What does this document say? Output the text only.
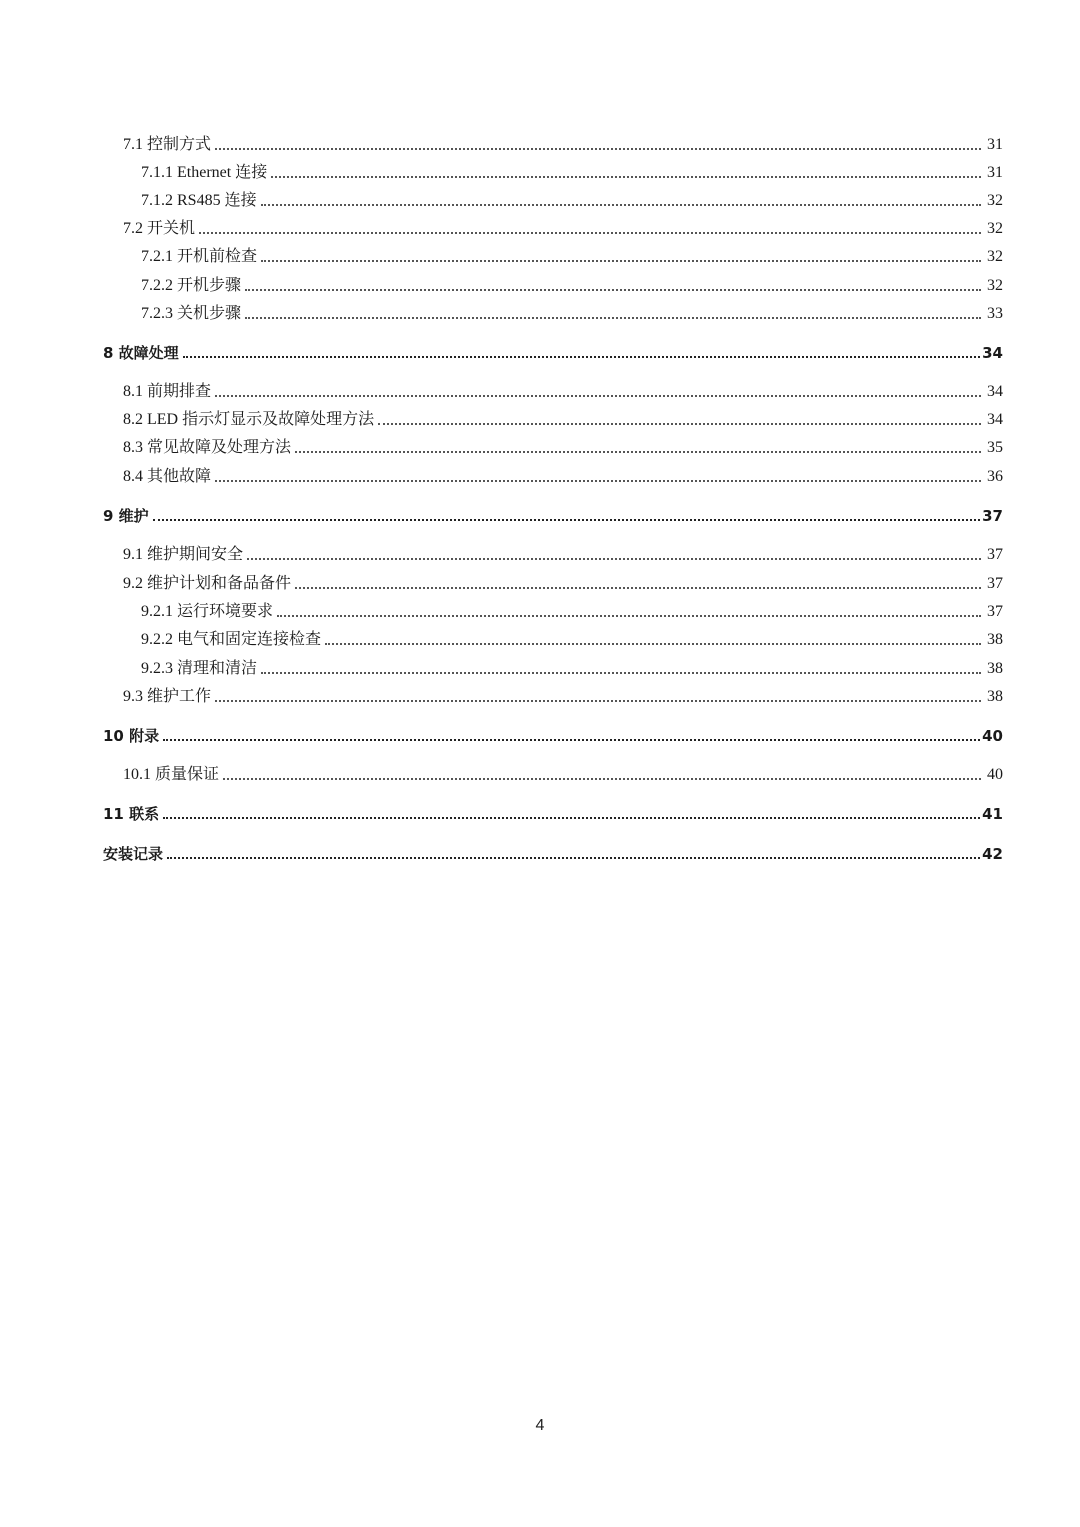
7.1 控制方式	31
7.1.1 Ethernet 连接	31
7.1.2 RS485 连接	32
7.2 开关机	32
7.2.1 开机前检查	32
7.2.2 开机步骤	32
7.2.3 关机步骤	33
8 故障处理	34
8.1 前期排查	34
8.2 LED 指示灯显示及故障处理方法	34
8.3 常见故障及处理方法	35
8.4 其他故障	36
9 维护	37
9.1 维护期间安全	37
9.2 维护计划和备品备件	37
9.2.1 运行环境要求	37
9.2.2 电气和固定连接检查	38
9.2.3 清理和清洁	38
9.3 维护工作	38
10 附录	40
10.1 质量保证	40
11 联系	41
安装记录	42
4
